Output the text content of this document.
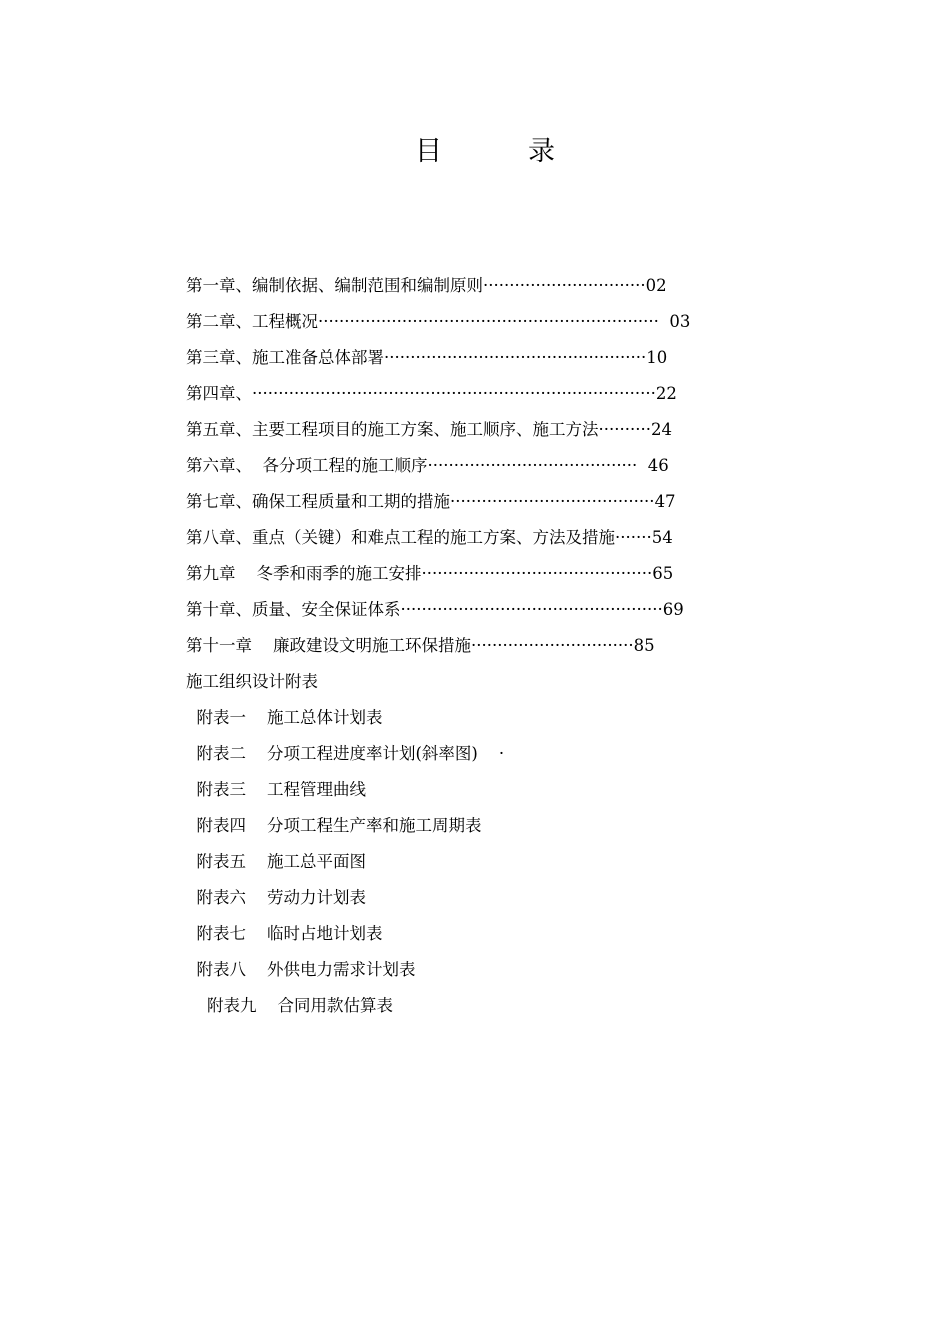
目	录
第一章、编制依据、编制范围和编制原则 ······························· 02
第二章、工程概况 ································································· 03
第三章、施工准备总体部署 ·················································· 10
第四章、 ············································································· 22
第五章、主要工程项目的施工方案、施工顺序、施工方法 ·········· 24
第六章、  各分项工程的施工顺序 ········································ 46
第七章、确保工程质量和工期的措施 ······································· 47
第八章、重点（关键）和难点工程的施工方案、方法及措施 ······· 54
第九章    冬季和雨季的施工安排 ············································ 65
第十章、质量、安全保证体系 ·················································· 69
第十一章    廉政建设文明施工环保措施 ······························· 85
施工组织设计附表
附表一    施工总体计划表
附表二    分项工程进度率计划(斜率图)    ·
附表三    工程管理曲线
附表四    分项工程生产率和施工周期表
附表五    施工总平面图
附表六    劳动力计划表
附表七    临时占地计划表
附表八    外供电力需求计划表
附表九    合同用款估算表
